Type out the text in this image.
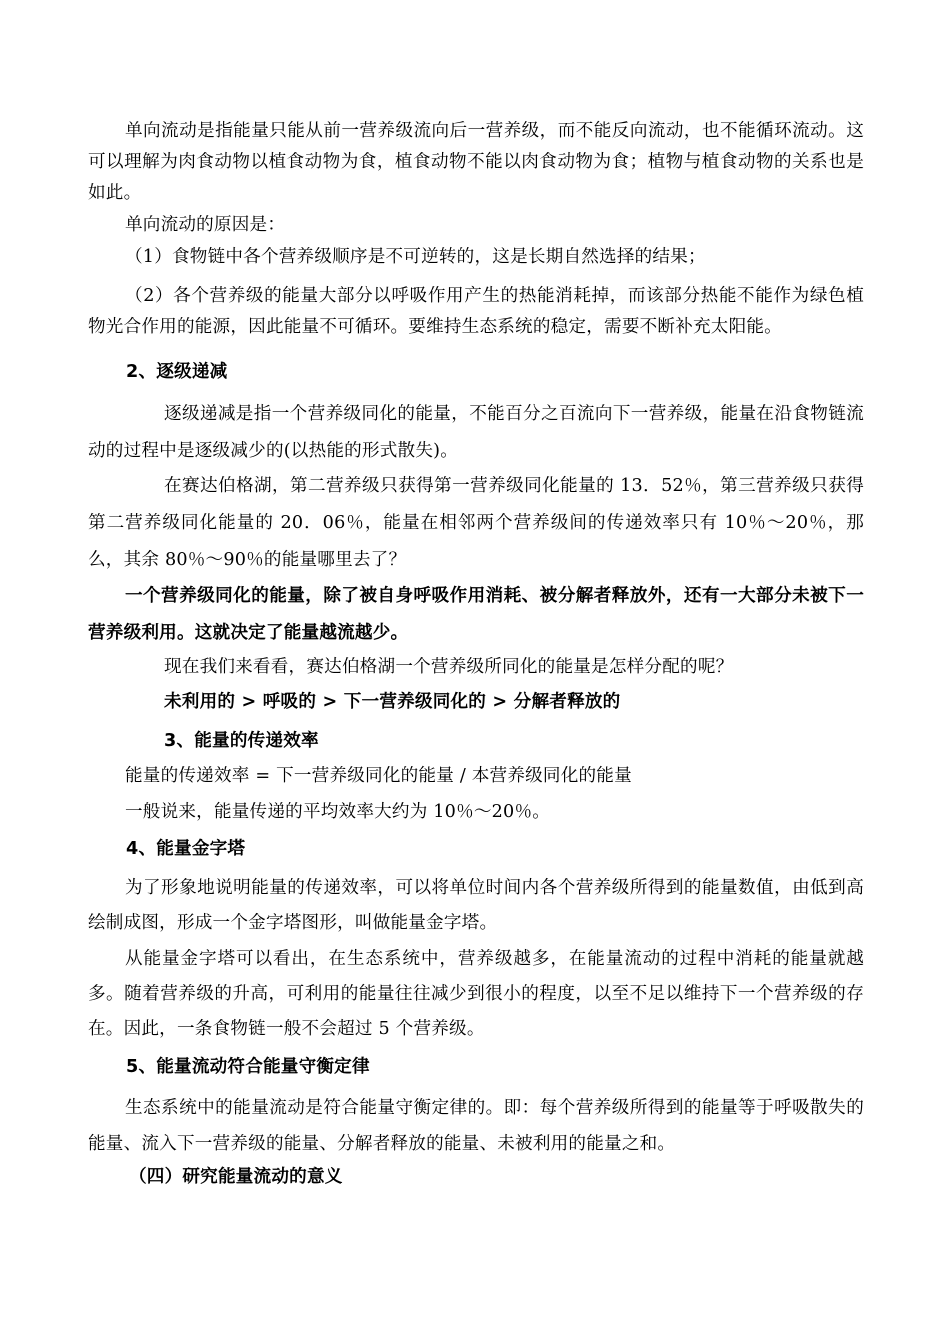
单向流动是指能量只能从前一营养级流向后一营养级，而不能反向流动，也不能循环流动。这可以理解为肉食动物以植食动物为食，植食动物不能以肉食动物为食；植物与植食动物的关系也是如此。

单向流动的原因是：

（1）食物链中各个营养级顺序是不可逆转的，这是长期自然选择的结果；

（2）各个营养级的能量大部分以呼吸作用产生的热能消耗掉，而该部分热能不能作为绿色植物光合作用的能源，因此能量不可循环。要维持生态系统的稳定，需要不断补充太阳能。

2、逐级递减

逐级递减是指一个营养级同化的能量，不能百分之百流向下一营养级，能量在沿食物链流动的过程中是逐级减少的(以热能的形式散失)。

在赛达伯格湖，第二营养级只获得第一营养级同化能量的 13．52％，第三营养级只获得第二营养级同化能量的 20．06％，能量在相邻两个营养级间的传递效率只有 10％～20％，那么，其余 80％～90％的能量哪里去了？

一个营养级同化的能量，除了被自身呼吸作用消耗、被分解者释放外，还有一大部分未被下一营养级利用。这就决定了能量越流越少。

现在我们来看看，赛达伯格湖一个营养级所同化的能量是怎样分配的呢？

未利用的 > 呼吸的 > 下一营养级同化的 > 分解者释放的

3、能量的传递效率

能量的传递效率 = 下一营养级同化的能量 / 本营养级同化的能量

一般说来，能量传递的平均效率大约为 10％～20％。

4、能量金字塔

为了形象地说明能量的传递效率，可以将单位时间内各个营养级所得到的能量数值，由低到高绘制成图，形成一个金字塔图形，叫做能量金字塔。

从能量金字塔可以看出，在生态系统中，营养级越多，在能量流动的过程中消耗的能量就越多。随着营养级的升高，可利用的能量往往减少到很小的程度，以至不足以维持下一个营养级的存在。因此，一条食物链一般不会超过 5 个营养级。

5、能量流动符合能量守衡定律

生态系统中的能量流动是符合能量守衡定律的。即：每个营养级所得到的能量等于呼吸散失的能量、流入下一营养级的能量、分解者释放的能量、未被利用的能量之和。

（四）研究能量流动的意义
